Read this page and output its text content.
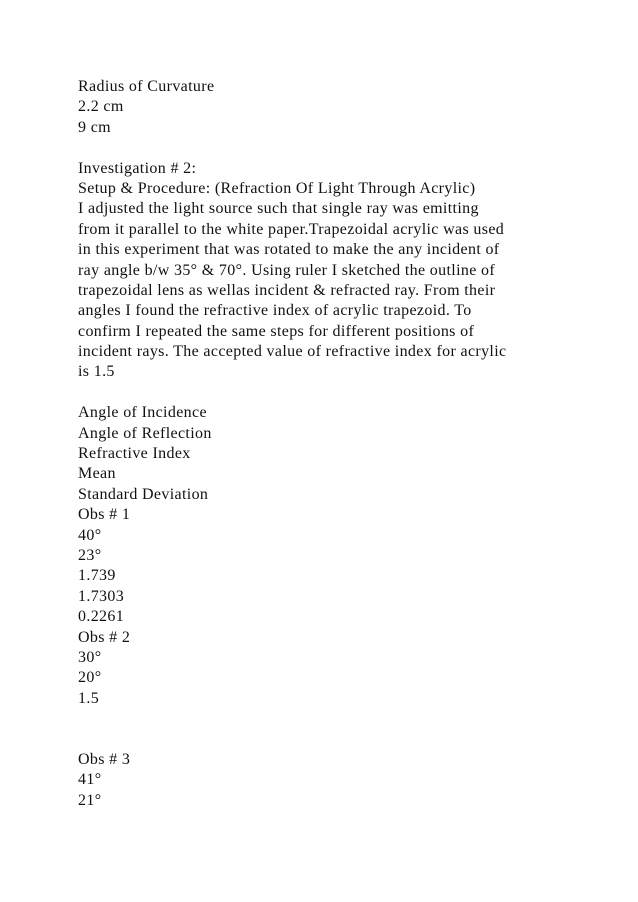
Radius of Curvature
2.2 cm
9 cm
Investigation # 2:
Setup & Procedure: (Refraction Of Light Through Acrylic)
I adjusted the light source such that single ray was emitting
from it parallel to the white paper.Trapezoidal acrylic was used
in this experiment that was rotated to make the any incident of
ray angle b/w 35° & 70°. Using ruler I sketched the outline of
trapezoidal lens as wellas incident & refracted ray. From their
angles I found the refractive index of acrylic trapezoid. To
confirm I repeated the same steps for different positions of
incident rays. The accepted value of refractive index for acrylic
is 1.5
Angle of Incidence
Angle of Reflection
Refractive Index
Mean
Standard Deviation
Obs # 1
40°
23°
1.739
1.7303
0.2261
Obs # 2
30°
20°
1.5
Obs # 3
41°
21°
